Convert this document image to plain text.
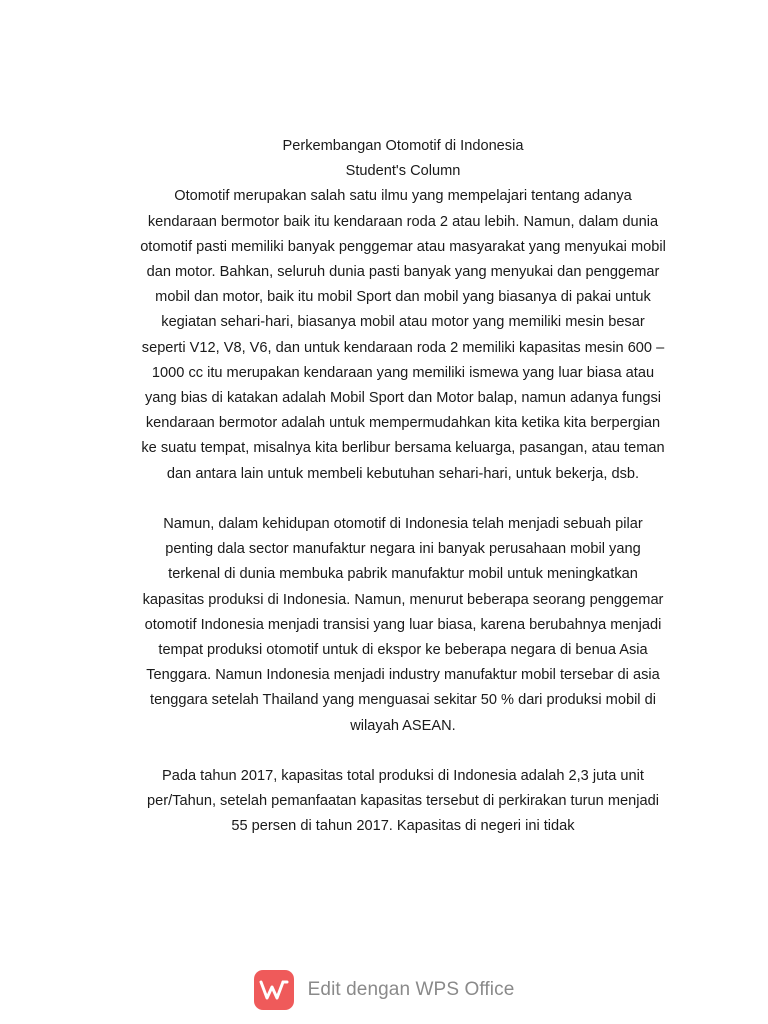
Perkembangan Otomotif di Indonesia

Student's Column

Otomotif merupakan salah satu ilmu yang mempelajari tentang adanya kendaraan bermotor baik itu kendaraan roda 2 atau lebih. Namun, dalam dunia otomotif pasti memiliki banyak penggemar atau masyarakat yang menyukai mobil dan motor. Bahkan, seluruh dunia pasti banyak yang menyukai dan penggemar mobil dan motor, baik itu mobil Sport dan mobil yang biasanya di pakai untuk kegiatan sehari-hari, biasanya mobil atau motor yang memiliki mesin besar seperti V12, V8, V6, dan untuk kendaraan roda 2 memiliki kapasitas mesin 600 – 1000 cc itu merupakan kendaraan yang memiliki ismewa yang luar biasa atau yang bias di katakan adalah Mobil Sport dan Motor balap, namun adanya fungsi kendaraan bermotor adalah untuk mempermudahkan kita ketika kita berpergian ke suatu tempat, misalnya kita berlibur bersama keluarga, pasangan, atau teman dan antara lain untuk membeli kebutuhan sehari-hari, untuk bekerja, dsb.

Namun, dalam kehidupan otomotif di Indonesia telah menjadi sebuah pilar penting dala sector manufaktur negara ini banyak perusahaan mobil yang terkenal di dunia membuka pabrik manufaktur mobil untuk meningkatkan kapasitas produksi di Indonesia. Namun, menurut beberapa seorang penggemar otomotif Indonesia menjadi transisi yang luar biasa, karena berubahnya menjadi tempat produksi otomotif untuk di ekspor ke beberapa negara di benua Asia Tenggara. Namun Indonesia menjadi industry manufaktur mobil tersebar di asia tenggara setelah Thailand yang menguasai sekitar 50 % dari produksi mobil di wilayah ASEAN.

Pada tahun 2017, kapasitas total produksi di Indonesia adalah 2,3 juta unit per/Tahun, setelah pemanfaatan kapasitas tersebut di perkirakan turun menjadi 55 persen di tahun 2017. Kapasitas di negeri ini tidak

Edit dengan WPS Office
